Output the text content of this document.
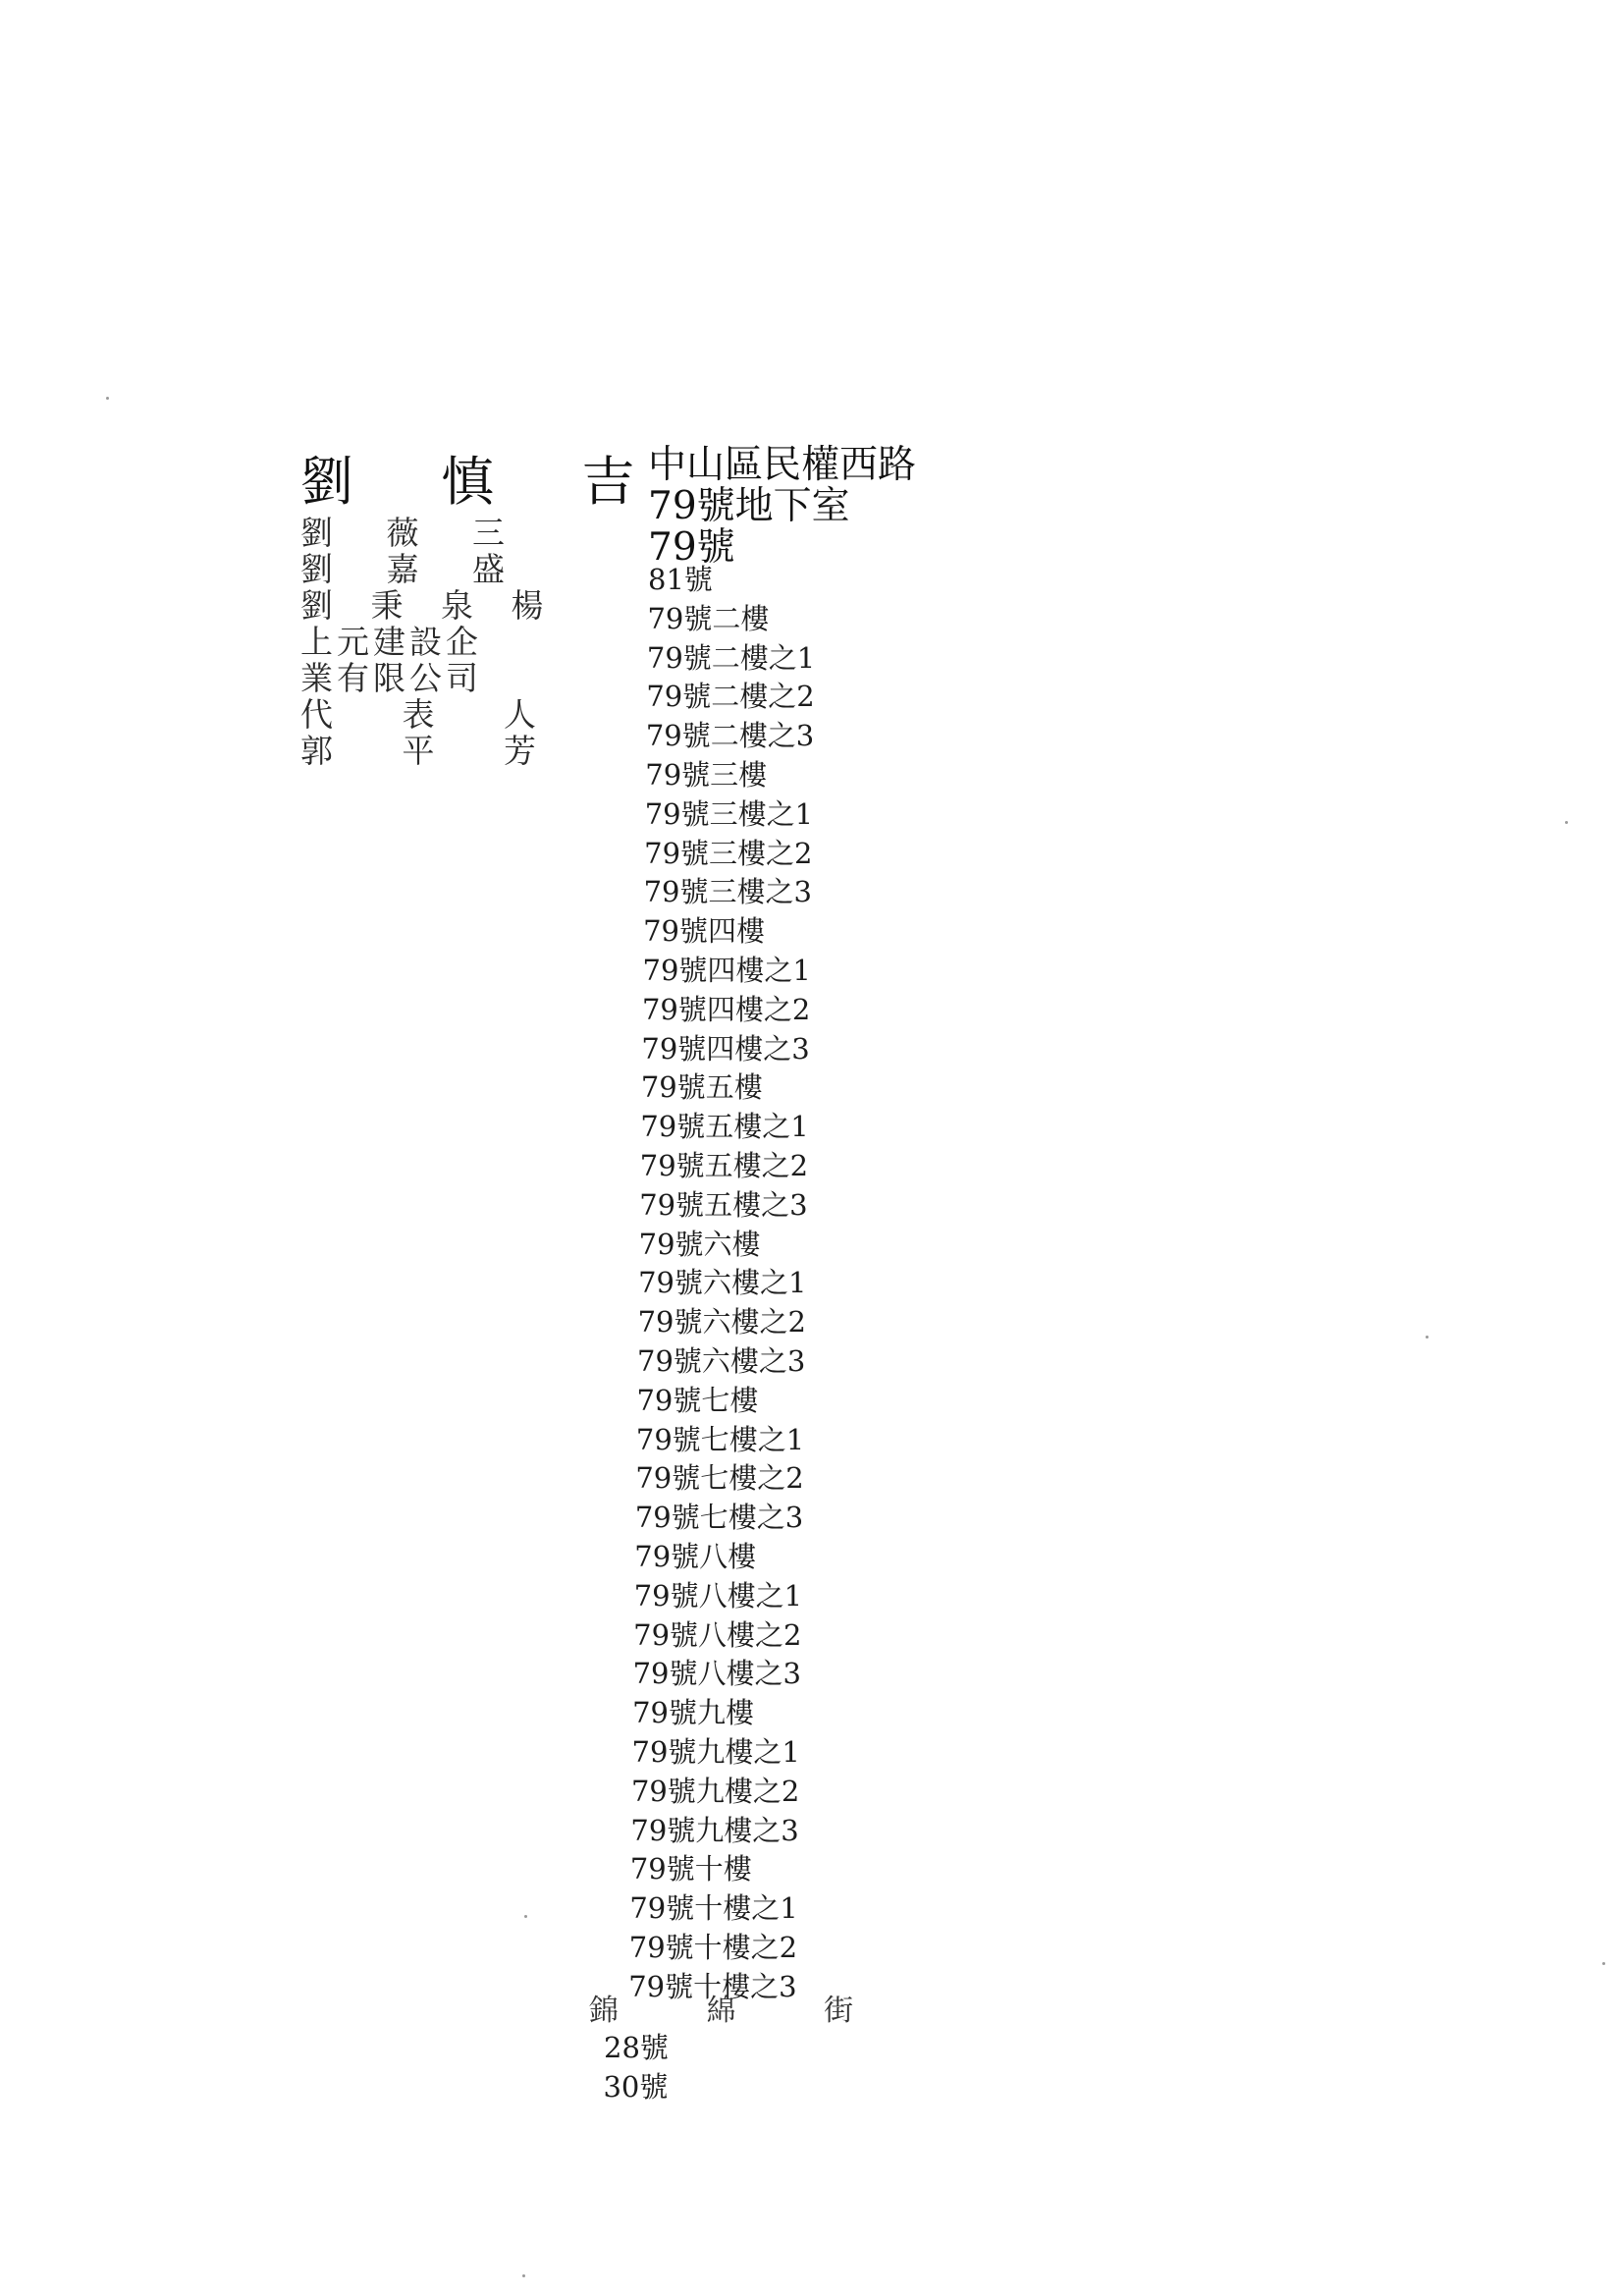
劉 慎 吉
劉 薇 三
劉 嘉 盛
劉 秉 泉 楊
上元建設企
業有限公司
代 表 人
郭 平 芳
中山區民權西路
79號地下室
79號
81號
79號二樓
79號二樓之1
79號二樓之2
79號二樓之3
79號三樓
79號三樓之1
79號三樓之2
79號三樓之3
79號四樓
79號四樓之1
79號四樓之2
79號四樓之3
79號五樓
79號五樓之1
79號五樓之2
79號五樓之3
79號六樓
79號六樓之1
79號六樓之2
79號六樓之3
79號七樓
79號七樓之1
79號七樓之2
79號七樓之3
79號八樓
79號八樓之1
79號八樓之2
79號八樓之3
79號九樓
79號九樓之1
79號九樓之2
79號九樓之3
79號十樓
79號十樓之1
79號十樓之2
79號十樓之3
錦 綿 街
28號
30號
